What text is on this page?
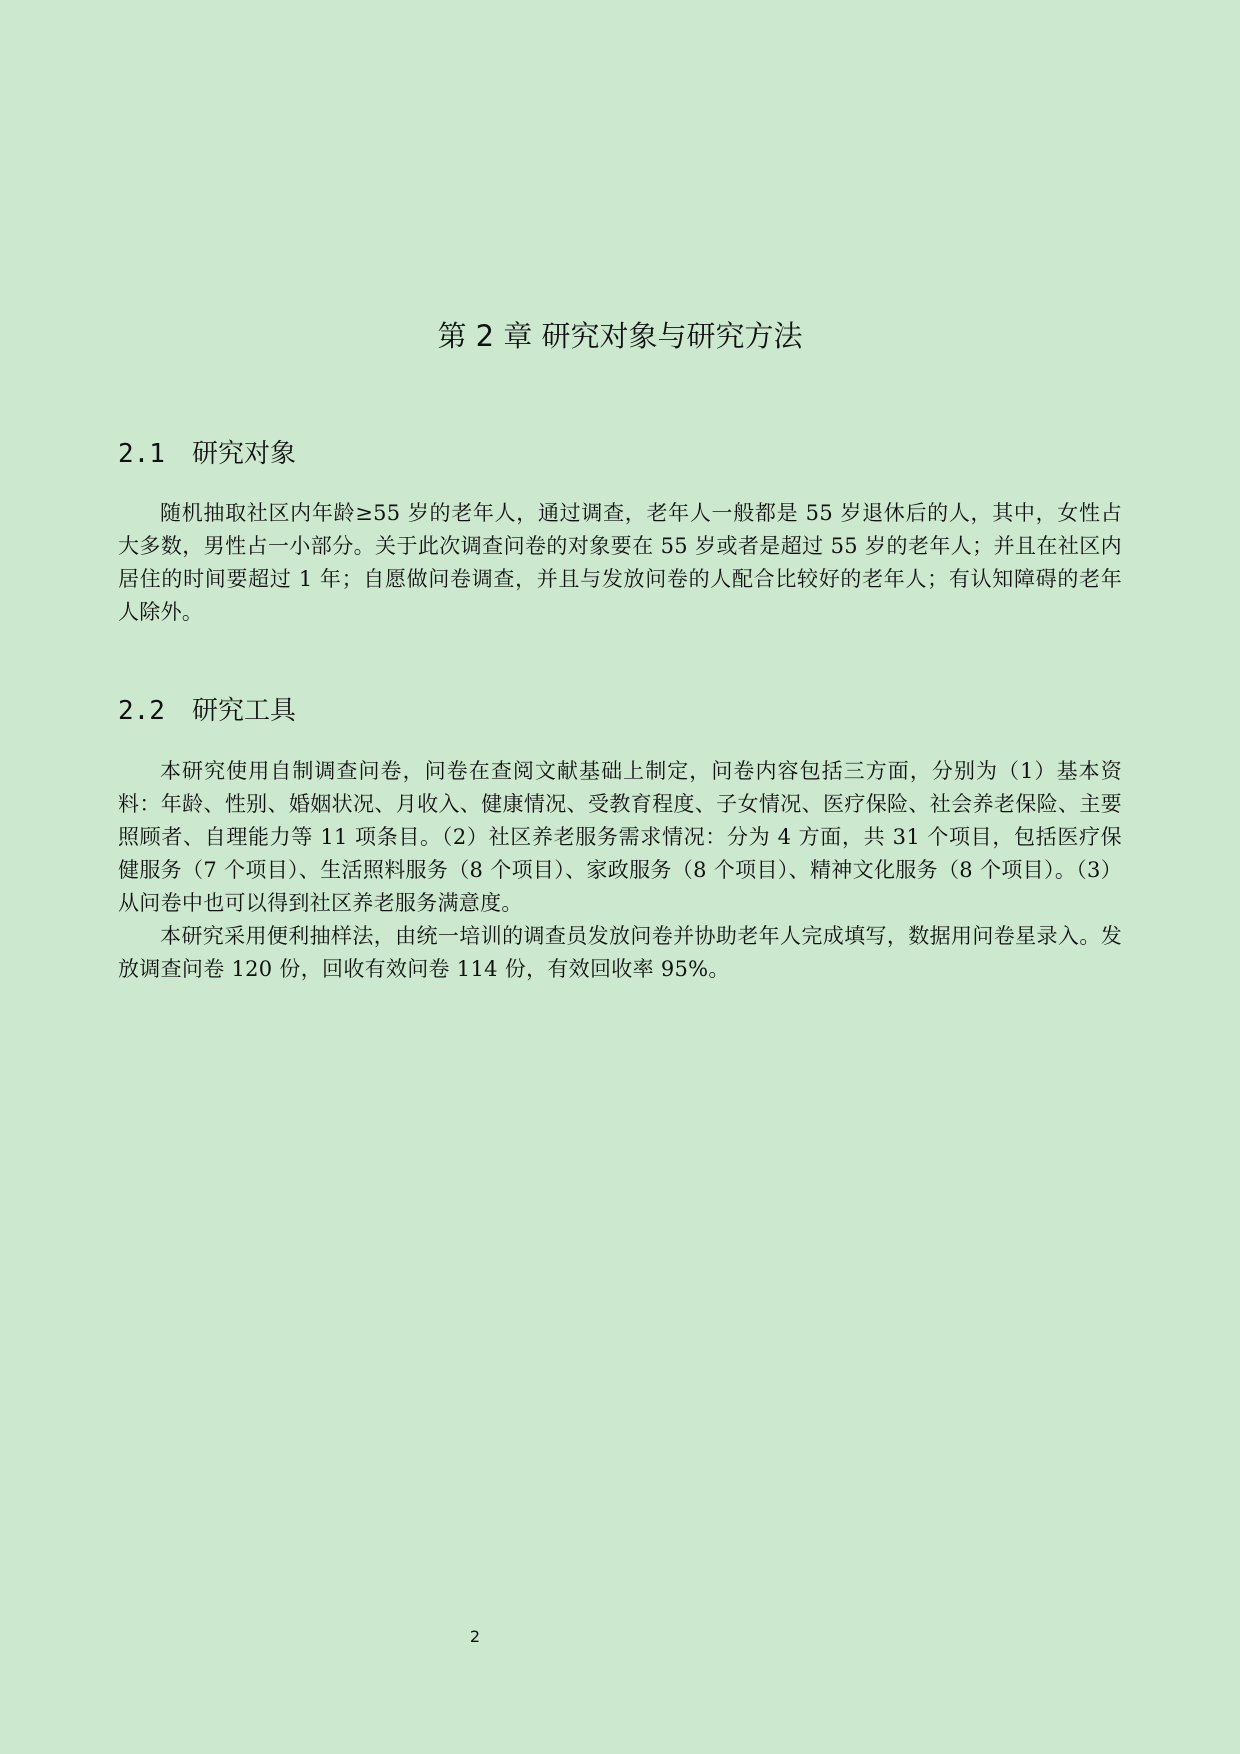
第 2 章 研究对象与研究方法
2.1 研究对象

随机抽取社区内年龄≥55 岁的老年人，通过调查，老年人一般都是 55 岁退休后的人，其中，女性占大多数，男性占一小部分。关于此次调查问卷的对象要在 55 岁或者是超过 55 岁的老年人；并且在社区内居住的时间要超过 1 年；自愿做问卷调查，并且与发放问卷的人配合比较好的老年人；有认知障碍的老年人除外。

2.2 研究工具

本研究使用自制调查问卷，问卷在查阅文献基础上制定，问卷内容包括三方面，分别为（1）基本资料：年龄、性别、婚姻状况、月收入、健康情况、受教育程度、子女情况、医疗保险、社会养老保险、主要照顾者、自理能力等 11 项条目。（2）社区养老服务需求情况：分为 4 方面，共 31 个项目，包括医疗保健服务（7 个项目）、生活照料服务（8 个项目）、家政服务（8 个项目）、精神文化服务（8 个项目）。（3）从问卷中也可以得到社区养老服务满意度。

本研究采用便利抽样法，由统一培训的调查员发放问卷并协助老年人完成填写，数据用问卷星录入。发放调查问卷 120 份，回收有效问卷 114 份，有效回收率 95%。

2
